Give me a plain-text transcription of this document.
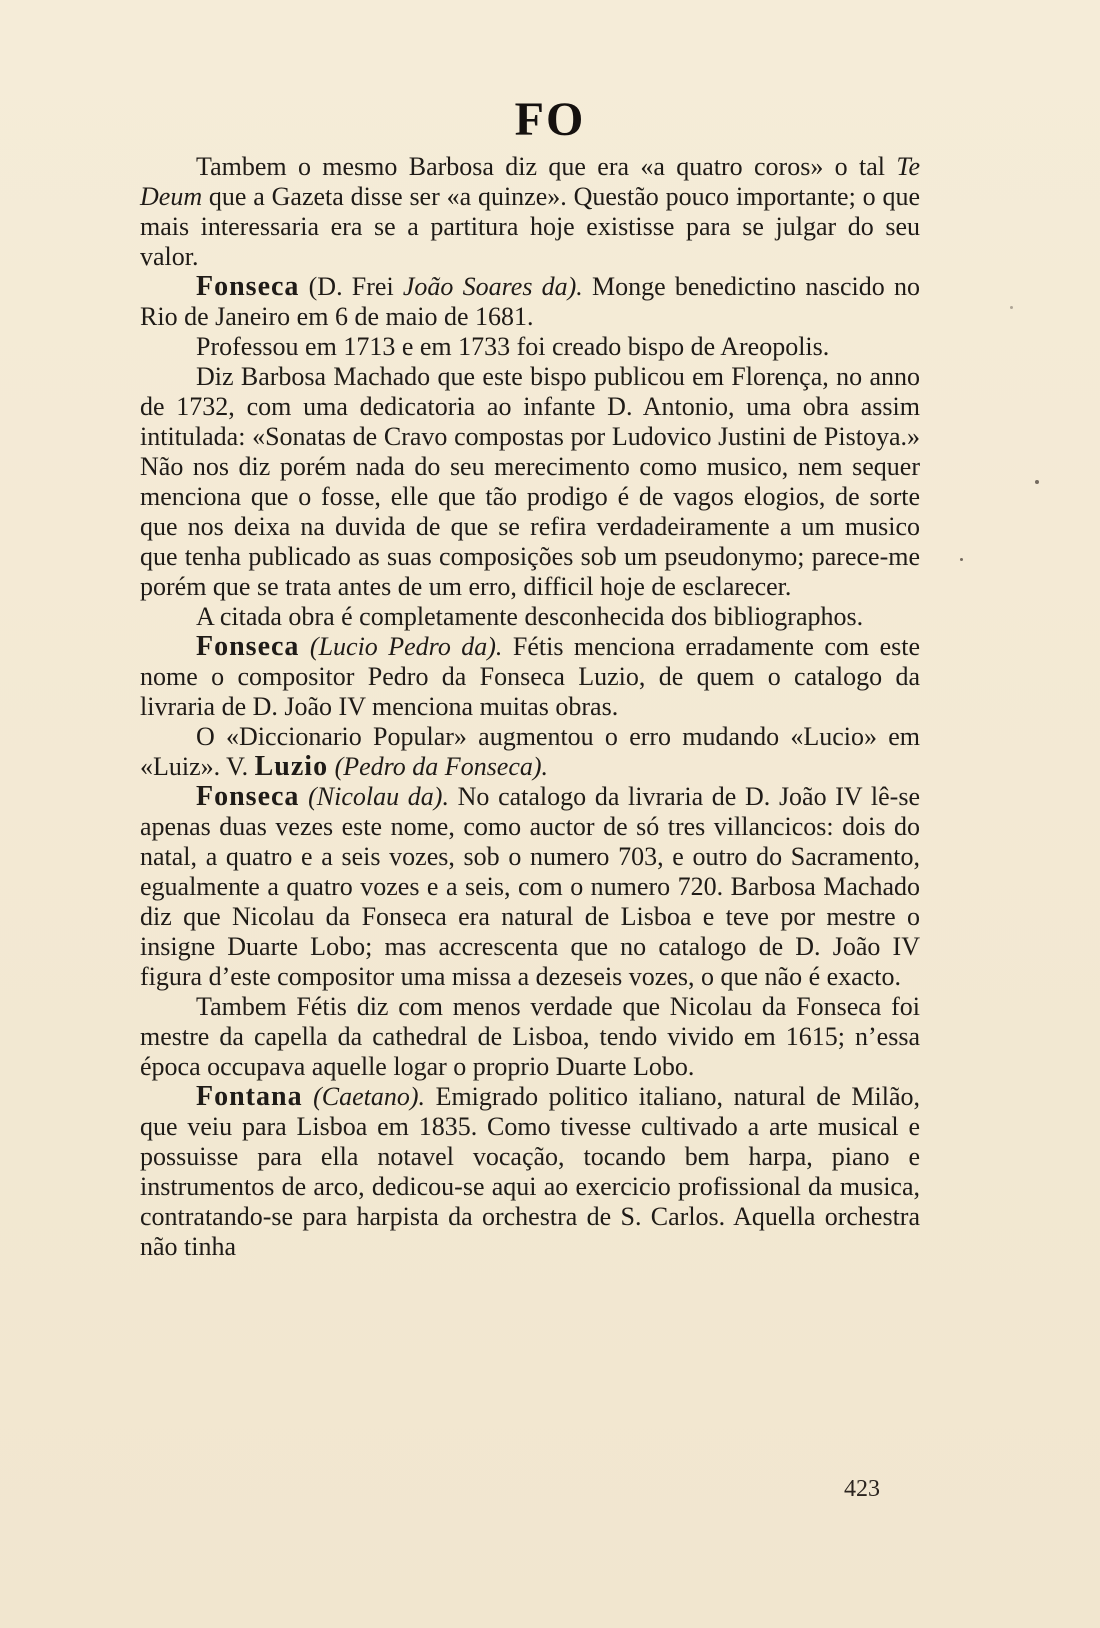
FO

Tambem o mesmo Barbosa diz que era «a quatro coros» o tal Te Deum que a Gazeta disse ser «a quinze». Questão pouco importante; o que mais interessaria era se a partitura hoje existisse para se julgar do seu valor.

Fonseca (D. Frei João Soares da). Monge benedictino nascido no Rio de Janeiro em 6 de maio de 1681.

Professou em 1713 e em 1733 foi creado bispo de Areopolis.

Diz Barbosa Machado que este bispo publicou em Florença, no anno de 1732, com uma dedicatoria ao infante D. Antonio, uma obra assim intitulada: «Sonatas de Cravo compostas por Ludovico Justini de Pistoya.» Não nos diz porém nada do seu merecimento como musico, nem sequer menciona que o fosse, elle que tão prodigo é de vagos elogios, de sorte que nos deixa na duvida de que se refira verdadeiramente a um musico que tenha publicado as suas composições sob um pseudonymo; parece-me porém que se trata antes de um erro, difficil hoje de esclarecer.

A citada obra é completamente desconhecida dos bibliographos.

Fonseca (Lucio Pedro da). Fétis menciona erradamente com este nome o compositor Pedro da Fonseca Luzio, de quem o catalogo da livraria de D. João IV menciona muitas obras.

O «Diccionario Popular» augmentou o erro mudando «Lucio» em «Luiz». V. Luzio (Pedro da Fonseca).

Fonseca (Nicolau da). No catalogo da livraria de D. João IV lê-se apenas duas vezes este nome, como auctor de só tres villancicos: dois do natal, a quatro e a seis vozes, sob o numero 703, e outro do Sacramento, egualmente a quatro vozes e a seis, com o numero 720. Barbosa Machado diz que Nicolau da Fonseca era natural de Lisboa e teve por mestre o insigne Duarte Lobo; mas accrescenta que no catalogo de D. João IV figura d’este compositor uma missa a dezeseis vozes, o que não é exacto.

Tambem Fétis diz com menos verdade que Nicolau da Fonseca foi mestre da capella da cathedral de Lisboa, tendo vivido em 1615; n’essa época occupava aquelle logar o proprio Duarte Lobo.

Fontana (Caetano). Emigrado politico italiano, natural de Milão, que veiu para Lisboa em 1835. Como tivesse cultivado a arte musical e possuisse para ella notavel vocação, tocando bem harpa, piano e instrumentos de arco, dedicou-se aqui ao exercicio profissional da musica, contratando-se para harpista da orchestra de S. Carlos. Aquella orchestra não tinha

423
